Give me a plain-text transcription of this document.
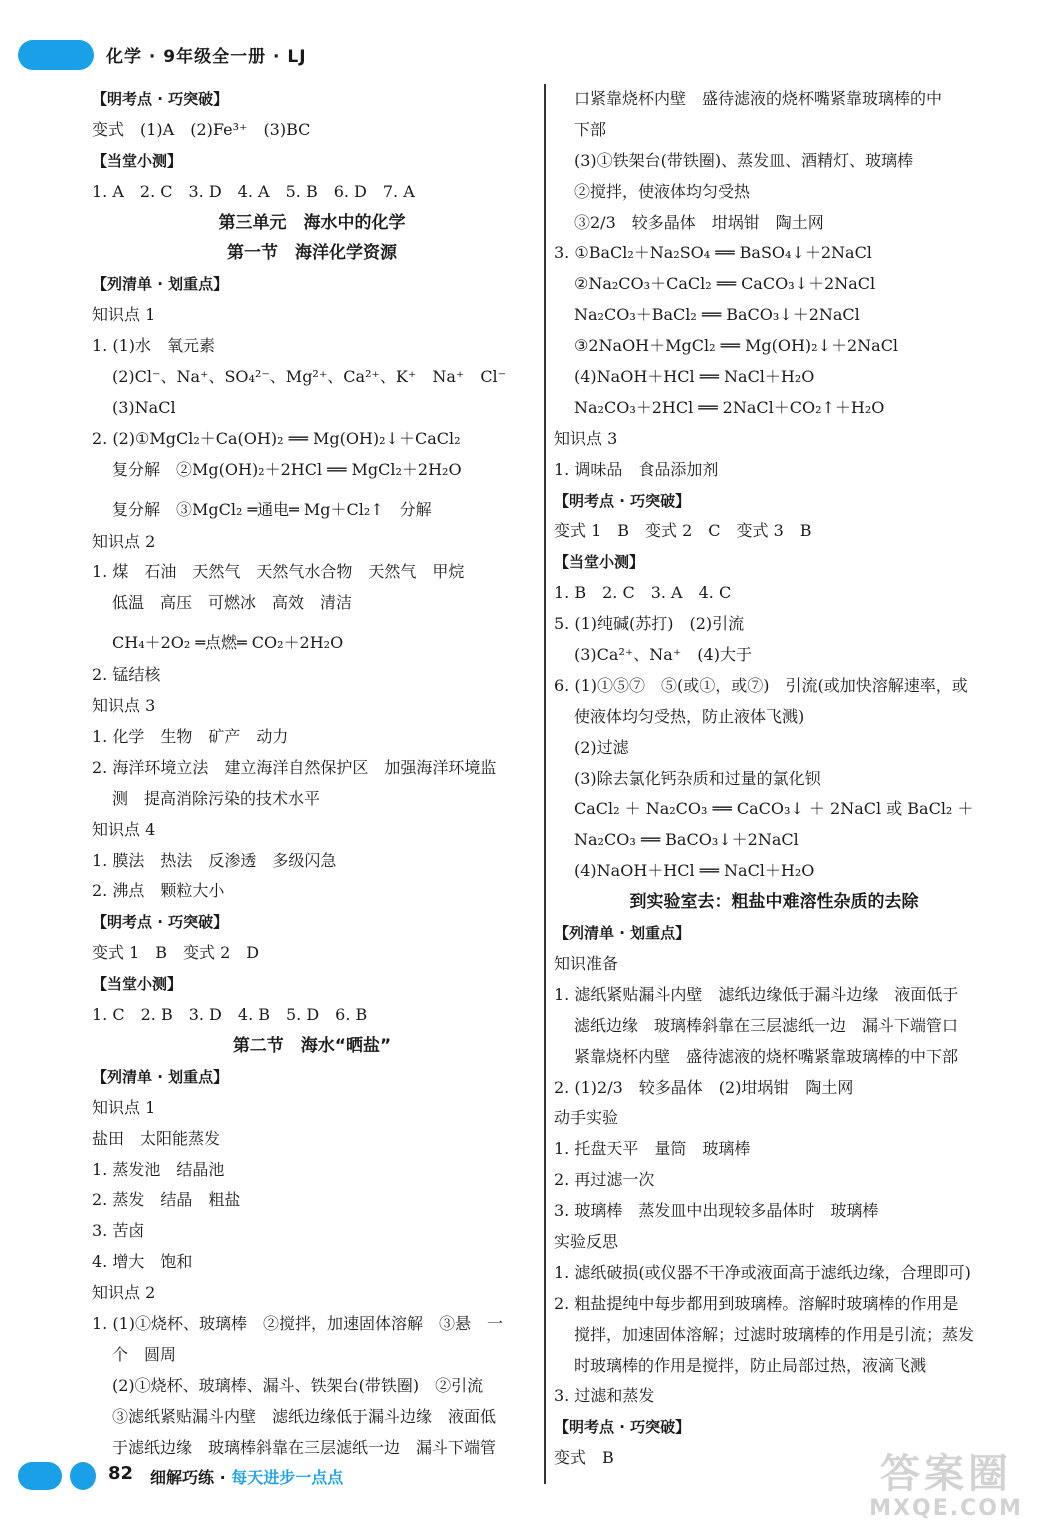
化学 · 9年级全一册 · LJ
【明考点 · 巧突破】
变式　(1)A　(2)Fe³⁺　(3)BC
【当堂小测】
1. A　2. C　3. D　4. A　5. B　6. D　7. A
第三单元　海水中的化学
第一节　海洋化学资源
【列清单 · 划重点】
知识点 1
1. (1)水　氧元素
(2)Cl⁻、Na⁺、SO₄²⁻、Mg²⁺、Ca²⁺、K⁺　Na⁺　Cl⁻
(3)NaCl
2. (2)①MgCl₂＋Ca(OH)₂ ══ Mg(OH)₂↓＋CaCl₂
复分解　②Mg(OH)₂＋2HCl ══ MgCl₂＋2H₂O
复分解　③MgCl₂ ═通电═ Mg＋Cl₂↑　分解
知识点 2
1. 煤　石油　天然气　天然气水合物　天然气　甲烷
低温　高压　可燃冰　高效　清洁
CH₄＋2O₂ ═点燃═ CO₂＋2H₂O
2. 锰结核
知识点 3
1. 化学　生物　矿产　动力
2. 海洋环境立法　建立海洋自然保护区　加强海洋环境监
测　提高消除污染的技术水平
知识点 4
1. 膜法　热法　反渗透　多级闪急
2. 沸点　颗粒大小
【明考点 · 巧突破】
变式 1　B　变式 2　D
【当堂小测】
1. C　2. B　3. D　4. B　5. D　6. B
第二节　海水“晒盐”
【列清单 · 划重点】
知识点 1
盐田　太阳能蒸发
1. 蒸发池　结晶池
2. 蒸发　结晶　粗盐
3. 苦卤
4. 增大　饱和
知识点 2
1. (1)①烧杯、玻璃棒　②搅拌，加速固体溶解　③悬　一
个　圆周
(2)①烧杯、玻璃棒、漏斗、铁架台(带铁圈)　②引流
③滤纸紧贴漏斗内壁　滤纸边缘低于漏斗边缘　液面低
于滤纸边缘　玻璃棒斜靠在三层滤纸一边　漏斗下端管
口紧靠烧杯内壁　盛待滤液的烧杯嘴紧靠玻璃棒的中
下部
(3)①铁架台(带铁圈)、蒸发皿、酒精灯、玻璃棒
②搅拌，使液体均匀受热
③2/3　较多晶体　坩埚钳　陶土网
3. ①BaCl₂＋Na₂SO₄ ══ BaSO₄↓＋2NaCl
②Na₂CO₃＋CaCl₂ ══ CaCO₃↓＋2NaCl
Na₂CO₃＋BaCl₂ ══ BaCO₃↓＋2NaCl
③2NaOH＋MgCl₂ ══ Mg(OH)₂↓＋2NaCl
(4)NaOH＋HCl ══ NaCl＋H₂O
Na₂CO₃＋2HCl ══ 2NaCl＋CO₂↑＋H₂O
知识点 3
1. 调味品　食品添加剂
【明考点 · 巧突破】
变式 1　B　变式 2　C　变式 3　B
【当堂小测】
1. B　2. C　3. A　4. C
5. (1)纯碱(苏打)　(2)引流
(3)Ca²⁺、Na⁺　(4)大于
6. (1)①⑤⑦　⑤(或①，或⑦)　引流(或加快溶解速率，或
使液体均匀受热，防止液体飞溅)
(2)过滤
(3)除去氯化钙杂质和过量的氯化钡
CaCl₂ ＋ Na₂CO₃ ══ CaCO₃↓ ＋ 2NaCl 或 BaCl₂ ＋
Na₂CO₃ ══ BaCO₃↓＋2NaCl
(4)NaOH＋HCl ══ NaCl＋H₂O
到实验室去：粗盐中难溶性杂质的去除
【列清单 · 划重点】
知识准备
1. 滤纸紧贴漏斗内壁　滤纸边缘低于漏斗边缘　液面低于
滤纸边缘　玻璃棒斜靠在三层滤纸一边　漏斗下端管口
紧靠烧杯内壁　盛待滤液的烧杯嘴紧靠玻璃棒的中下部
2. (1)2/3　较多晶体　(2)坩埚钳　陶土网
动手实验
1. 托盘天平　量筒　玻璃棒
2. 再过滤一次
3. 玻璃棒　蒸发皿中出现较多晶体时　玻璃棒
实验反思
1. 滤纸破损(或仪器不干净或液面高于滤纸边缘，合理即可)
2. 粗盐提纯中每步都用到玻璃棒。溶解时玻璃棒的作用是
搅拌，加速固体溶解；过滤时玻璃棒的作用是引流；蒸发
时玻璃棒的作用是搅拌，防止局部过热，液滴飞溅
3. 过滤和蒸发
【明考点 · 巧突破】
变式　B
82 细解巧练 · 每天进步一点点	答案圈
MXQE.COM
